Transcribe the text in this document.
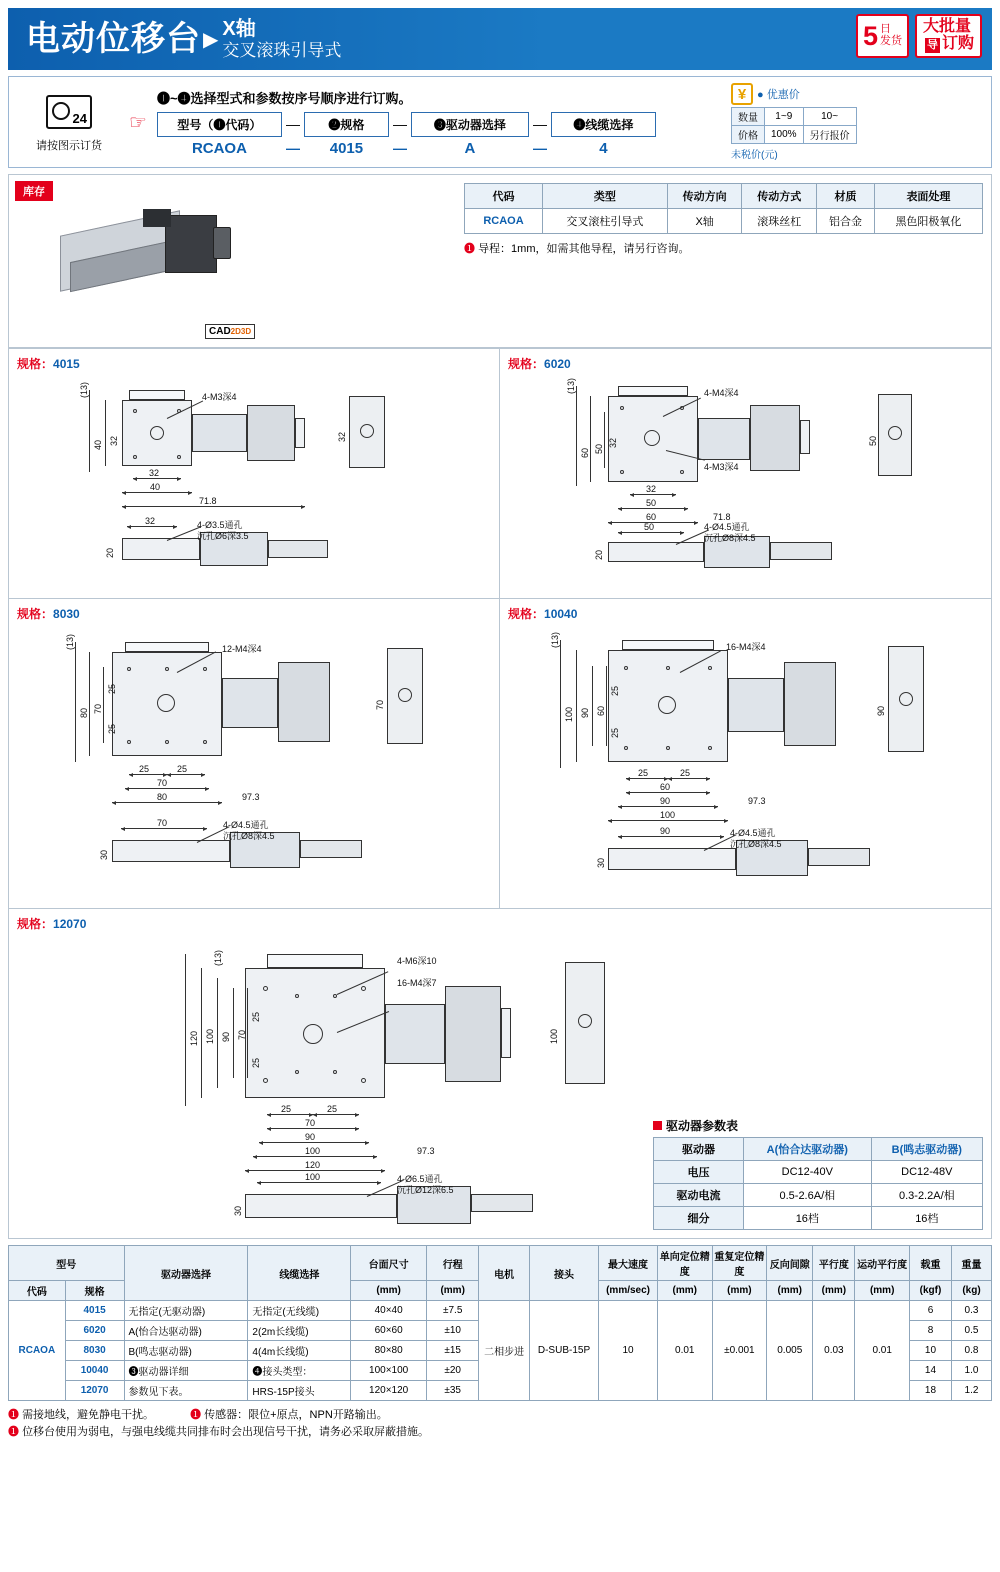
电动位移台 ▶ X轴
交叉滚珠引导式	5 日
发货
大批量
导 订购
24
请按图示订货
☞
❶~❹选择型式和参数按序号顺序进行订购。
型号（❶代码）	—	❷规格	—	❸驱动器选择	—	❹线缆选择
RCAOA	—	4015	—	A	—	4
¥ ● 优惠价
数量	1~9	10~
价格	100%	另行报价
未税价(元)
库存
CAD2D3D
代码	类型	传动方向	传动方式	材质	表面处理
RCAOA	交叉滚柱引导式	X轴	滚珠丝杠	铝合金	黑色阳极氧化
❶ 导程：1mm，如需其他导程，请另行咨询。
规格：4015
4-M3深4
(13)
40 32
32
40
71.8
32
32
20
4-Ø3.5通孔
沉孔Ø6深3.5
规格：6020
4-M4深4
4-M3深4
(13)
60 50
32
32
50
60	71.8
50
50
20
4-Ø4.5通孔
沉孔Ø8深4.5
规格：8030
12-M4深4
(13)
80 70
25
25
25	25
70
80	97.3
70
70
30
4-Ø4.5通孔
沉孔Ø8深4.5
规格：10040
16-M4深4
(13)
100 90 60
25
25
25	25
60
90
100
97.3
90
90
30
4-Ø4.5通孔
沉孔Ø8深4.5
规格：12070
4-M6深10
16-M4深7
(13)
120 100 90 70
25
25
25	25
70
90
100
120
97.3
100
100
30
4-Ø6.5通孔
沉孔Ø12深6.5
驱动器参数表
驱动器	A(怡合达驱动器)	B(鸣志驱动器)
电压	DC12-40V	DC12-48V
驱动电流	0.5-2.6A/相	0.3-2.2A/相
细分	16档	16档
型号		驱动器选择	线缆选择	台面尺寸	行程	电机	接头	最大速度	单向定位精度	重复定位精度	反向间隙	平行度	运动平行度	载重	重量
代码	规格			(mm)	(mm)			(mm/sec)	(mm)	(mm)	(mm)	(mm)	(mm)	(kgf)	(kg)
RCAOA	4015	无指定(无驱动器)	无指定(无线缆)	40×40	±7.5	二相步进	D-SUB-15P	10	0.01	±0.001	0.005	0.03	0.01	6	0.3
	6020	A(怡合达驱动器)	2(2m长线缆)	60×60	±10									8	0.5
	8030	B(鸣志驱动器)	4(4m长线缆)	80×80	±15									10	0.8
	10040	❸驱动器详细	❹接头类型：	100×100	±20									14	1.0
	12070	参数见下表。	HRS-15P接头	120×120	±35									18	1.2
❶ 需接地线，避免静电干扰。	❶ 传感器：限位+原点，NPN开路输出。
❶ 位移台使用为弱电，与强电线缆共同排布时会出现信号干扰，请务必采取屏蔽措施。
